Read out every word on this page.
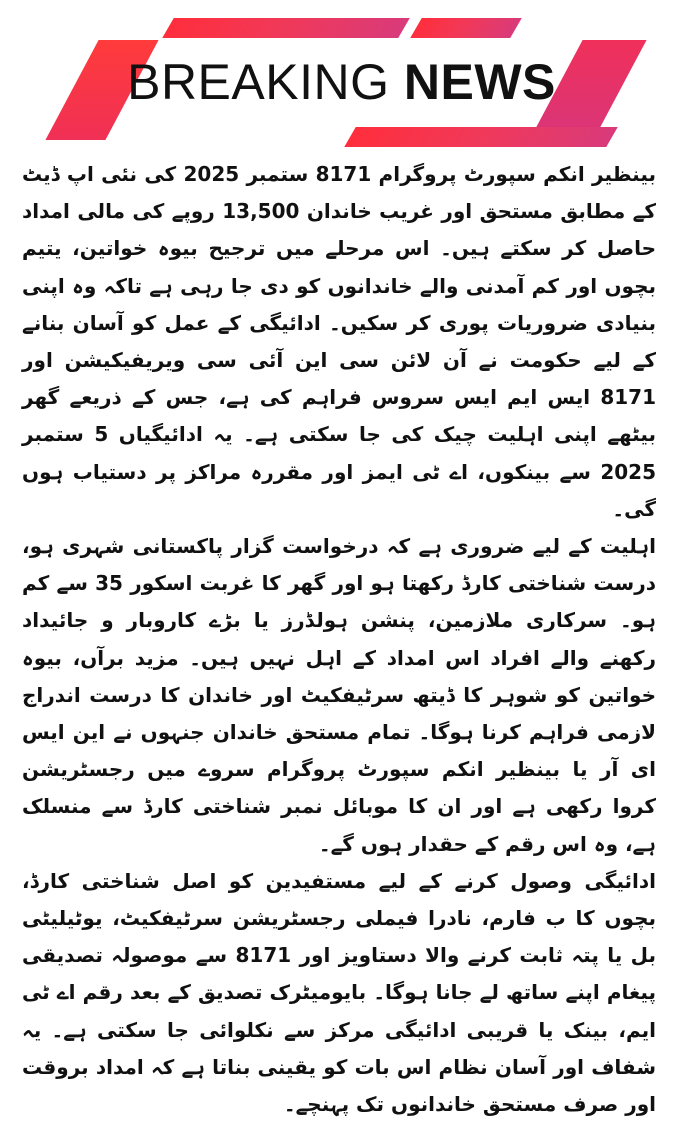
BREAKING NEWS

بینظیر انکم سپورٹ پروگرام 8171 ستمبر 2025 کی نئی اپ ڈیٹ کے مطابق مستحق اور غریب خاندان 13,500 روپے کی مالی امداد حاصل کر سکتے ہیں۔ اس مرحلے میں ترجیح بیوہ خواتین، یتیم بچوں اور کم آمدنی والے خاندانوں کو دی جا رہی ہے تاکہ وہ اپنی بنیادی ضروریات پوری کر سکیں۔ ادائیگی کے عمل کو آسان بنانے کے لیے حکومت نے آن لائن سی این آئی سی ویریفیکیشن اور 8171 ایس ایم ایس سروس فراہم کی ہے، جس کے ذریعے گھر بیٹھے اپنی اہلیت چیک کی جا سکتی ہے۔ یہ ادائیگیاں 5 ستمبر 2025 سے بینکوں، اے ٹی ایمز اور مقررہ مراکز پر دستیاب ہوں گی۔

اہلیت کے لیے ضروری ہے کہ درخواست گزار پاکستانی شہری ہو، درست شناختی کارڈ رکھتا ہو اور گھر کا غربت اسکور 35 سے کم ہو۔ سرکاری ملازمین، پنشن ہولڈرز یا بڑے کاروبار و جائیداد رکھنے والے افراد اس امداد کے اہل نہیں ہیں۔ مزید برآں، بیوہ خواتین کو شوہر کا ڈیتھ سرٹیفکیٹ اور خاندان کا درست اندراج لازمی فراہم کرنا ہوگا۔ تمام مستحق خاندان جنہوں نے این ایس ای آر یا بینظیر انکم سپورٹ پروگرام سروے میں رجسٹریشن کروا رکھی ہے اور ان کا موبائل نمبر شناختی کارڈ سے منسلک ہے، وہ اس رقم کے حقدار ہوں گے۔

ادائیگی وصول کرنے کے لیے مستفیدین کو اصل شناختی کارڈ، بچوں کا ب فارم، نادرا فیملی رجسٹریشن سرٹیفکیٹ، یوٹیلیٹی بل یا پتہ ثابت کرنے والا دستاویز اور 8171 سے موصولہ تصدیقی پیغام اپنے ساتھ لے جانا ہوگا۔ بایومیٹرک تصدیق کے بعد رقم اے ٹی ایم، بینک یا قریبی ادائیگی مرکز سے نکلوائی جا سکتی ہے۔ یہ شفاف اور آسان نظام اس بات کو یقینی بناتا ہے کہ امداد بروقت اور صرف مستحق خاندانوں تک پہنچے۔
